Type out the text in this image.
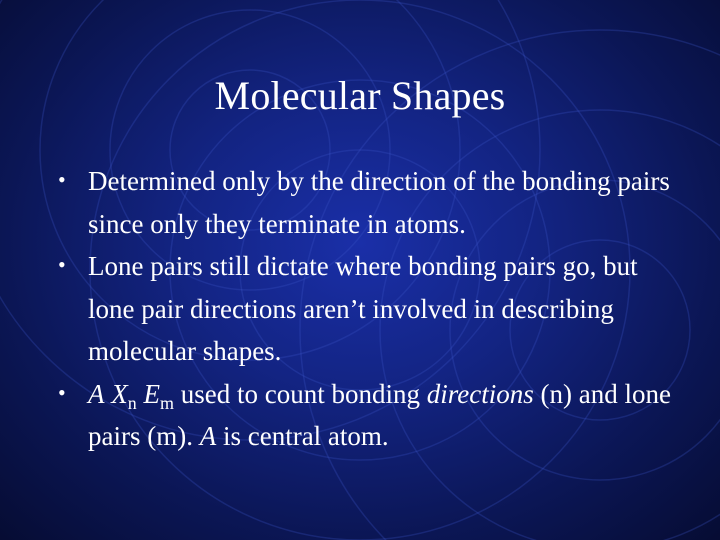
Molecular Shapes
• Determined only by the direction of the bonding pairs since only they terminate in atoms.
• Lone pairs still dictate where bonding pairs go, but lone pair directions aren’t involved in describing molecular shapes.
• A $X_n$ $E_m$ used to count bonding directions (n) and lone pairs (m). A is central atom.
